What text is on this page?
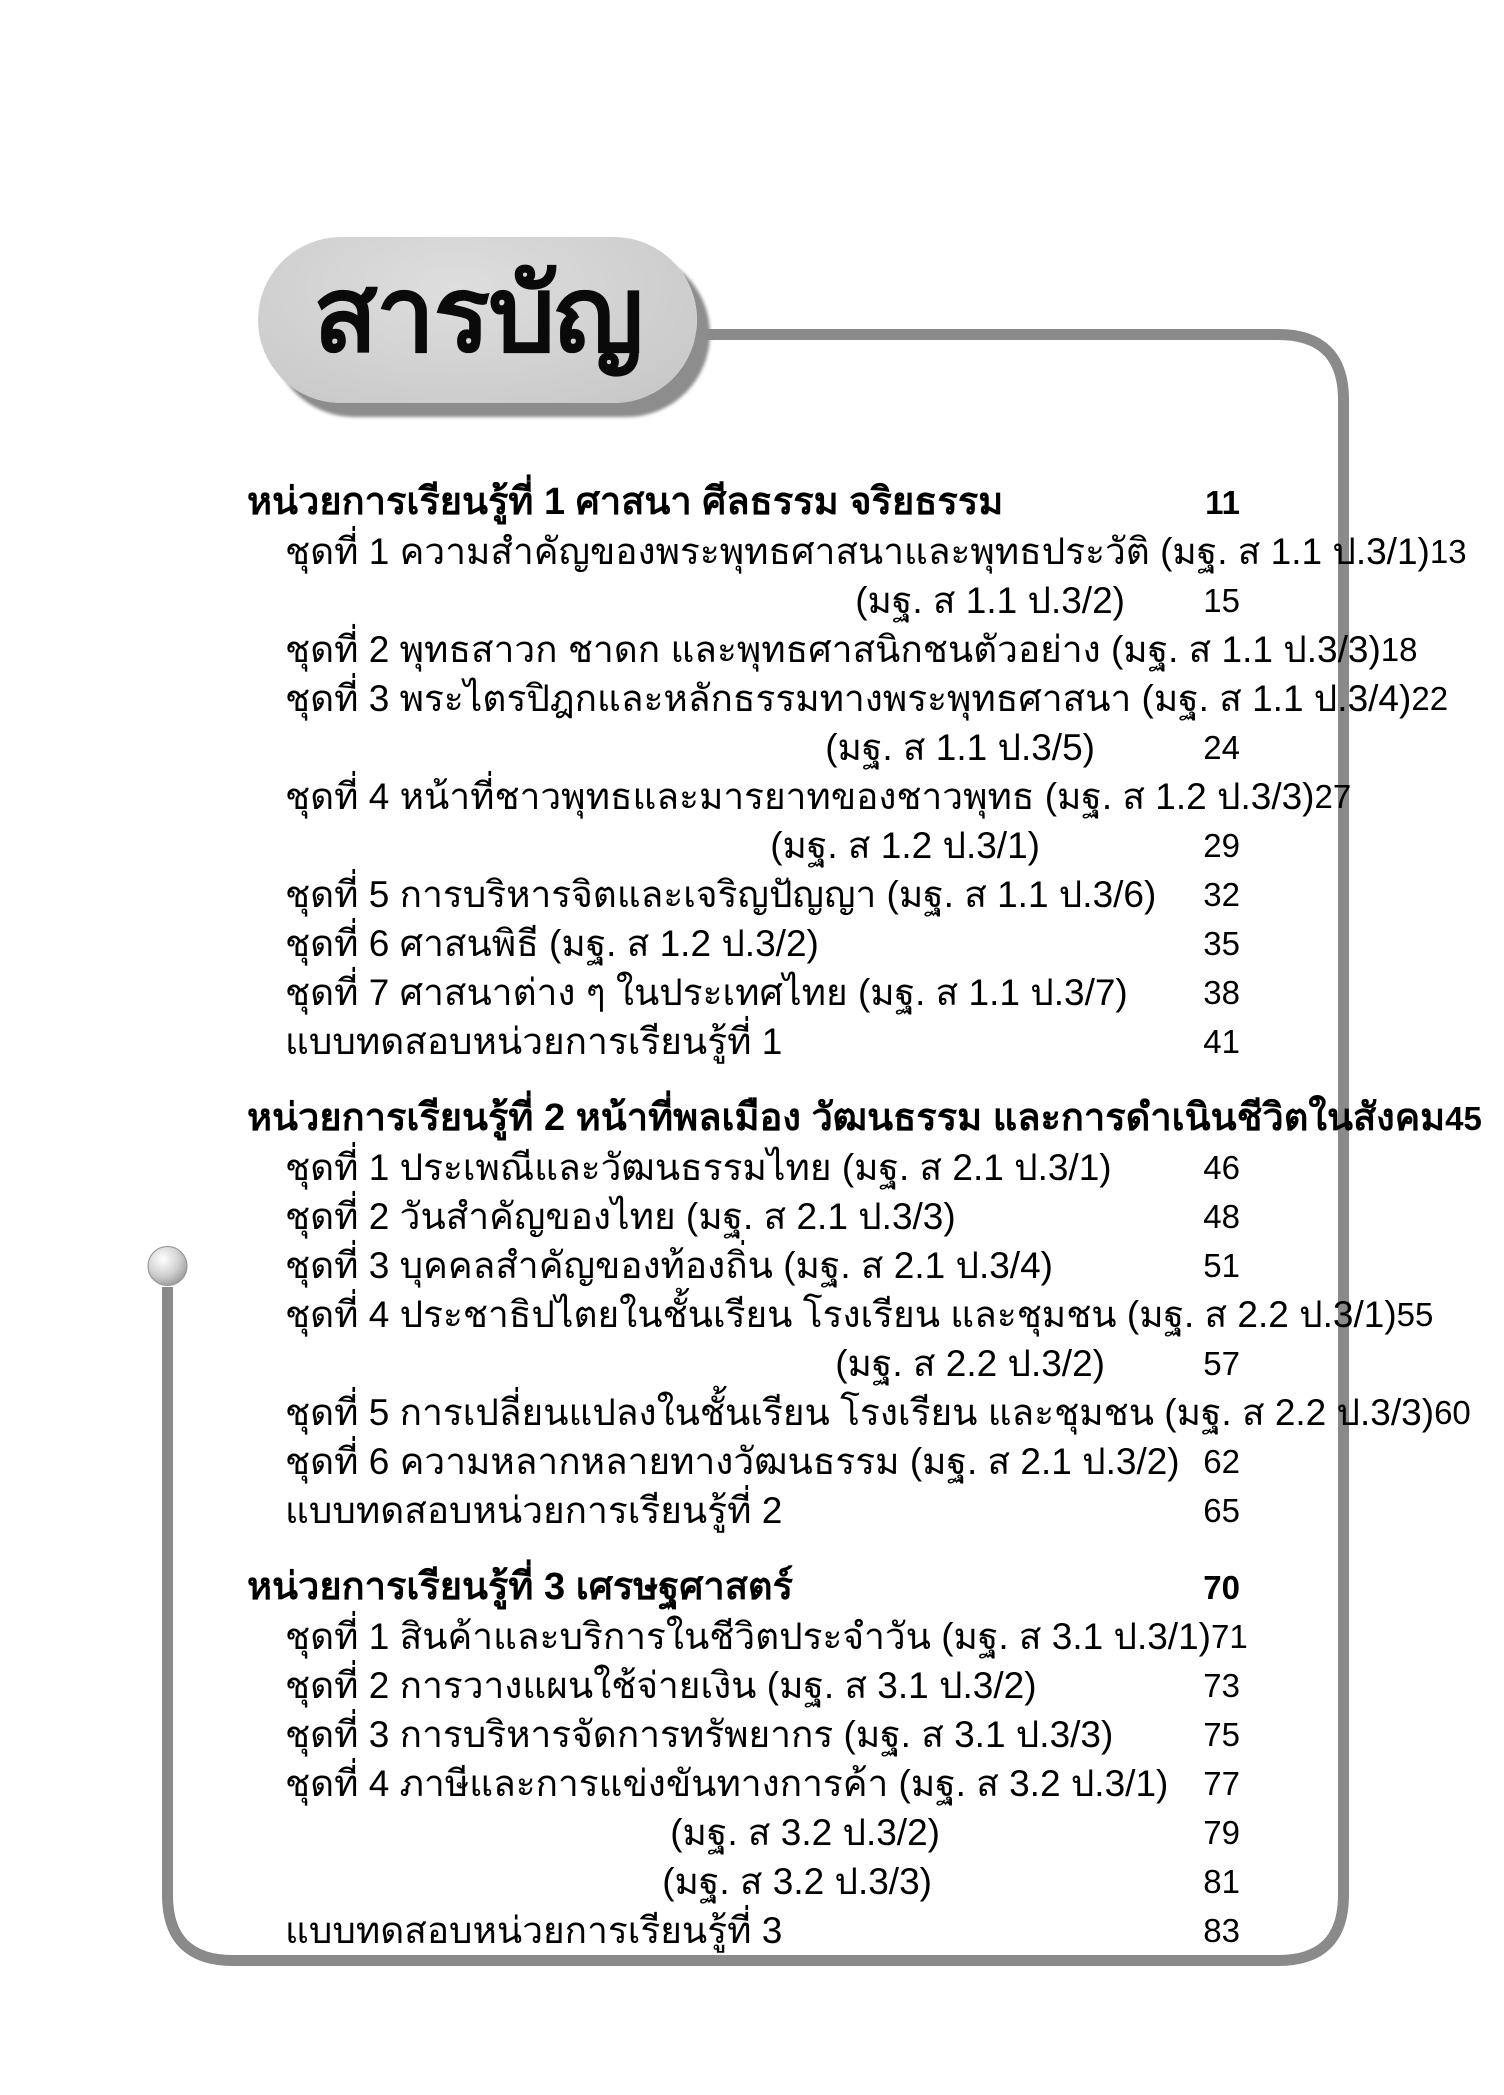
สารบัญ
หน่วยการเรียนรู้ที่ 1 ศาสนา ศีลธรรม จริยธรรม	11
ชุดที่ 1 ความสำคัญของพระพุทธศาสนาและพุทธประวัติ (มฐ. ส 1.1 ป.3/1) 13
(มฐ. ส 1.1 ป.3/2)	15
ชุดที่ 2 พุทธสาวก ชาดก และพุทธศาสนิกชนตัวอย่าง (มฐ. ส 1.1 ป.3/3) 18
ชุดที่ 3 พระไตรปิฎกและหลักธรรมทางพระพุทธศาสนา (มฐ. ส 1.1 ป.3/4) 22
(มฐ. ส 1.1 ป.3/5)	24
ชุดที่ 4 หน้าที่ชาวพุทธและมารยาทของชาวพุทธ (มฐ. ส 1.2 ป.3/3) 27
(มฐ. ส 1.2 ป.3/1)	29
ชุดที่ 5 การบริหารจิตและเจริญปัญญา (มฐ. ส 1.1 ป.3/6)	32
ชุดที่ 6 ศาสนพิธี (มฐ. ส 1.2 ป.3/2)	35
ชุดที่ 7 ศาสนาต่าง ๆ ในประเทศไทย (มฐ. ส 1.1 ป.3/7)	38
แบบทดสอบหน่วยการเรียนรู้ที่ 1	41
หน่วยการเรียนรู้ที่ 2 หน้าที่พลเมือง วัฒนธรรม และการดำเนินชีวิตในสังคม 45
ชุดที่ 1 ประเพณีและวัฒนธรรมไทย (มฐ. ส 2.1 ป.3/1)	46
ชุดที่ 2 วันสำคัญของไทย (มฐ. ส 2.1 ป.3/3)	48
ชุดที่ 3 บุคคลสำคัญของท้องถิ่น (มฐ. ส 2.1 ป.3/4)	51
ชุดที่ 4 ประชาธิปไตยในชั้นเรียน โรงเรียน และชุมชน (มฐ. ส 2.2 ป.3/1) 55
(มฐ. ส 2.2 ป.3/2)	57
ชุดที่ 5 การเปลี่ยนแปลงในชั้นเรียน โรงเรียน และชุมชน (มฐ. ส 2.2 ป.3/3) 60
ชุดที่ 6 ความหลากหลายทางวัฒนธรรม (มฐ. ส 2.1 ป.3/2) 62
แบบทดสอบหน่วยการเรียนรู้ที่ 2	65
หน่วยการเรียนรู้ที่ 3 เศรษฐศาสตร์	70
ชุดที่ 1 สินค้าและบริการในชีวิตประจำวัน (มฐ. ส 3.1 ป.3/1) 71
ชุดที่ 2 การวางแผนใช้จ่ายเงิน (มฐ. ส 3.1 ป.3/2)	73
ชุดที่ 3 การบริหารจัดการทรัพยากร (มฐ. ส 3.1 ป.3/3)	75
ชุดที่ 4 ภาษีและการแข่งขันทางการค้า (มฐ. ส 3.2 ป.3/1)	77
(มฐ. ส 3.2 ป.3/2)	79
(มฐ. ส 3.2 ป.3/3)	81
แบบทดสอบหน่วยการเรียนรู้ที่ 3	83
